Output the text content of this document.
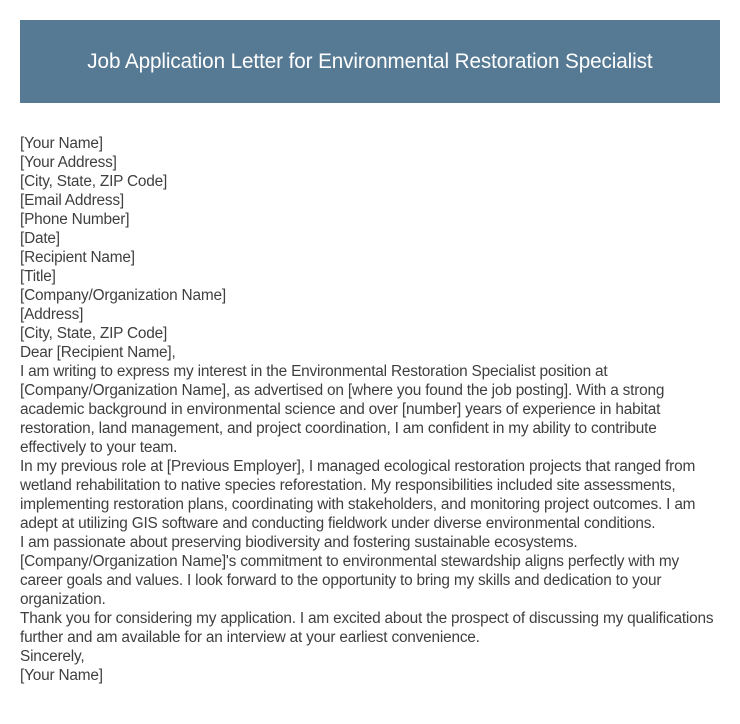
Job Application Letter for Environmental Restoration Specialist
[Your Name]
[Your Address]
[City, State, ZIP Code]
[Email Address]
[Phone Number]
[Date]
[Recipient Name]
[Title]
[Company/Organization Name]
[Address]
[City, State, ZIP Code]
Dear [Recipient Name],

I am writing to express my interest in the Environmental Restoration Specialist position at [Company/Organization Name], as advertised on [where you found the job posting]. With a strong academic background in environmental science and over [number] years of experience in habitat restoration, land management, and project coordination, I am confident in my ability to contribute effectively to your team.

In my previous role at [Previous Employer], I managed ecological restoration projects that ranged from wetland rehabilitation to native species reforestation. My responsibilities included site assessments, implementing restoration plans, coordinating with stakeholders, and monitoring project outcomes. I am adept at utilizing GIS software and conducting fieldwork under diverse environmental conditions.

I am passionate about preserving biodiversity and fostering sustainable ecosystems. [Company/Organization Name]'s commitment to environmental stewardship aligns perfectly with my career goals and values. I look forward to the opportunity to bring my skills and dedication to your organization.

Thank you for considering my application. I am excited about the prospect of discussing my qualifications further and am available for an interview at your earliest convenience.

Sincerely,
[Your Name]
